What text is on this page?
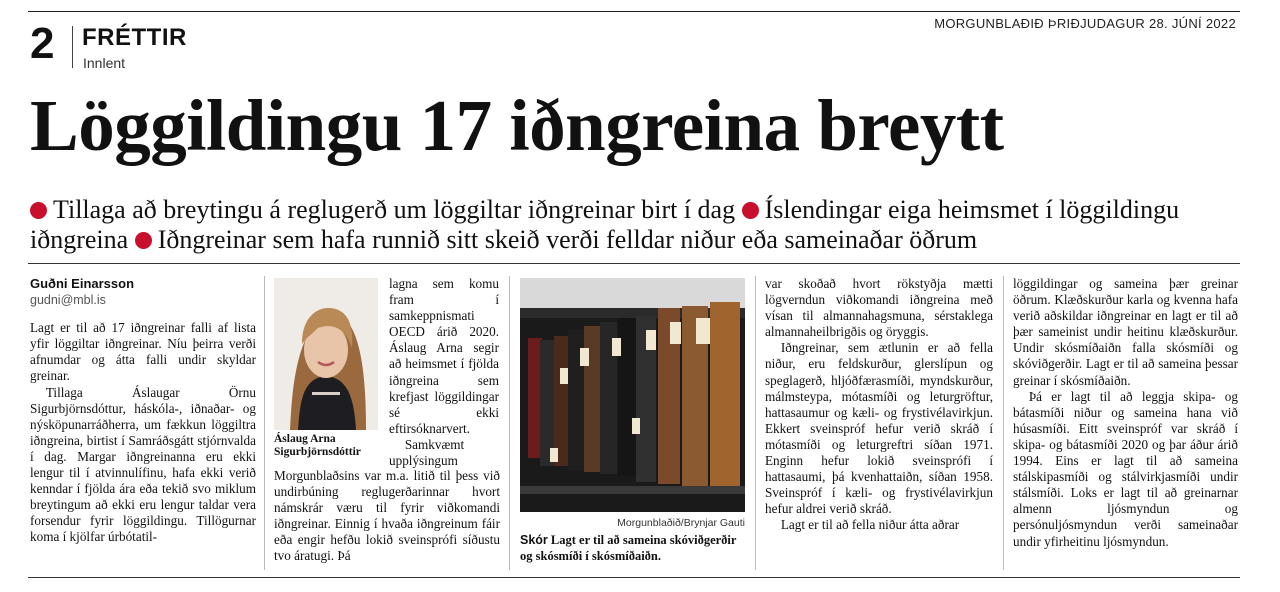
2 FRÉTTIR
Innlent
MORGUNBLAÐIÐ ÞRIÐJUDAGUR 28. JÚNÍ 2022
Löggildingu 17 iðngreina breytt
Tillaga að breytingu á reglugerð um löggiltar iðngreinar birt í dag Íslendingar eiga heimsmet í löggildingu iðngreina Iðngreinar sem hafa runnið sitt skeið verði felldar niður eða sameinaðar öðrum
Guðni Einarsson
gudni@mbl.is

Lagt er til að 17 iðngreinar falli af lista yfir löggiltar iðngreinar. Níu þeirra verði afnumdar og átta falli undir skyldar greinar.

Tillaga Áslaugar Örnu Sigurbjörnsdóttur, háskóla-, iðnaðar- og nýsköpunarráðherra, um fækkun löggiltra iðngreina, birtist í Samráðsgátt stjórnvalda í dag. Margar iðngreinanna eru ekki lengur til í atvinnulífinu, hafa ekki verið kenndar í fjölda ára eða tekið svo miklum breytingum að ekki eru lengur taldar vera forsendur fyrir löggildingu. Tillögurnar koma í kjölfar úrbótatil-

Áslaug Arna Sigurbjörnsdóttir

lagna sem komu fram í samkeppnismati OECD árið 2020. Áslaug Arna segir að heimsmet í fjölda iðngreina sem krefjast löggildingar sé ekki eftirsóknarvert.

Samkvæmt upplýsingum

Morgunblaðsins var m.a. litið til þess við undirbúning reglugerðarinnar hvort námskrár væru til fyrir viðkomandi iðngreinar. Einnig í hvaða iðngreinum fáir eða engir hefðu lokið sveinsprófi síðustu tvo áratugi. Þá

Morgunblaðið/Brynjar Gauti
Skór Lagt er til að sameina skóviðgerðir og skósmíði í skósmíðaiðn.

var skoðað hvort rökstyðja mætti lögverndun viðkomandi iðngreina með vísan til almannahagsmuna, sérstaklega almannaheilbrigðis og öryggis.

Iðngreinar, sem ætlunin er að fella niður, eru feldskurður, glerslípun og speglagerð, hljóðfærasmíði, myndskurður, málmsteypa, mótasmíði og leturgröftur, hattasaumur og kæli- og frystivélavirkjun. Ekkert sveinspróf hefur verið skráð í mótasmíði og leturgreftri síðan 1971. Enginn hefur lokið sveinsprófi í hattasaumi, þá kvenhattaiðn, síðan 1958. Sveinspróf í kæli- og frystivélavirkjun hefur aldrei verið skráð.

Lagt er til að fella niður átta aðrar

löggildingar og sameina þær greinar öðrum. Klæðskurður karla og kvenna hafa verið aðskildar iðngreinar en lagt er til að þær sameinist undir heitinu klæðskurður. Undir skósmíðaiðn falla skósmíði og skóviðgerðir. Lagt er til að sameina þessar greinar í skósmíðaiðn.

Þá er lagt til að leggja skipa- og bátasmíði niður og sameina hana við húsasmíði. Eitt sveinspróf var skráð í skipa- og bátasmíði 2020 og þar áður árið 1994. Eins er lagt til að sameina stálskipasmíði og stálvirkjasmíði undir stálsmíði. Loks er lagt til að greinarnar almenn ljósmyndun og persónuljósmyndun verði sameinaðar undir yfirheitinu ljósmyndun.
